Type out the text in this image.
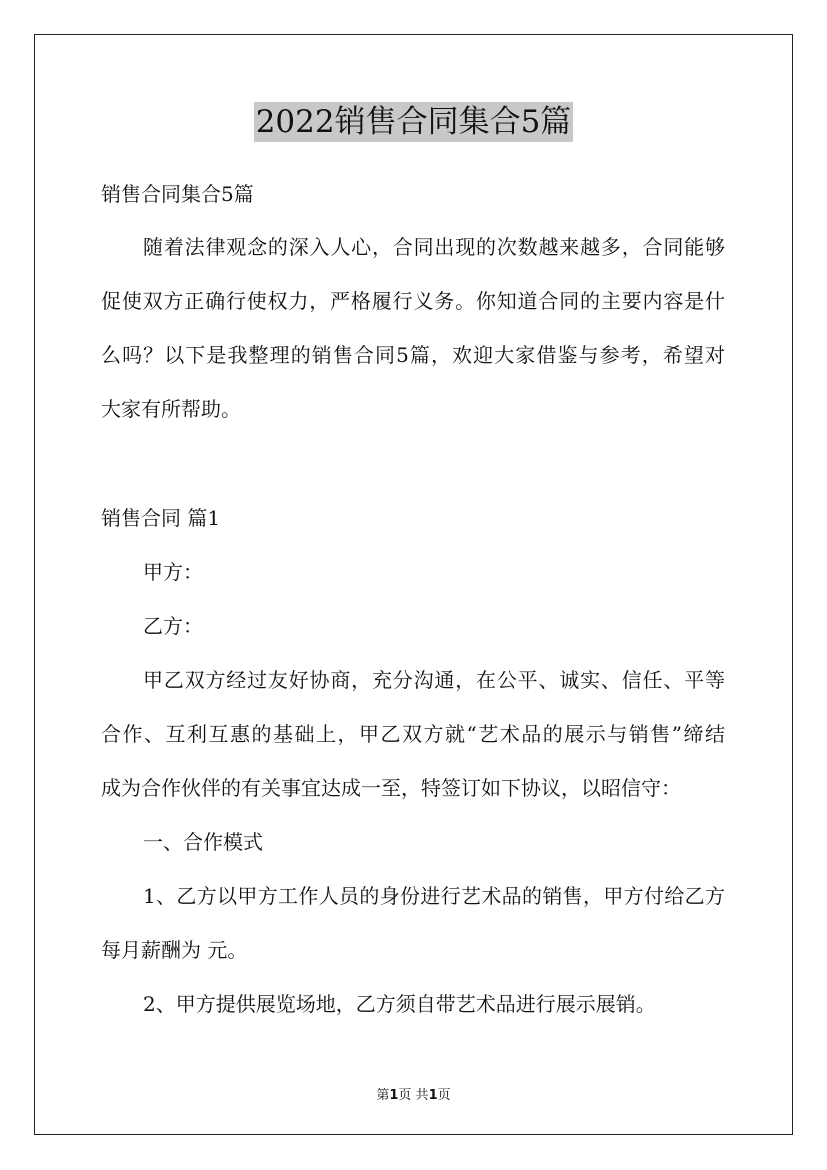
2022销售合同集合5篇
销售合同集合5篇
随着法律观念的深入人心，合同出现的次数越来越多，合同能够
促使双方正确行使权力，严格履行义务。你知道合同的主要内容是什
么吗？以下是我整理的销售合同5篇，欢迎大家借鉴与参考，希望对
大家有所帮助。
销售合同 篇1
甲方：
乙方：
甲乙双方经过友好协商，充分沟通，在公平、诚实、信任、平等
合作、互利互惠的基础上，甲乙双方就“艺术品的展示与销售”缔结
成为合作伙伴的有关事宜达成一至，特签订如下协议，以昭信守：
一、合作模式
1、乙方以甲方工作人员的身份进行艺术品的销售，甲方付给乙方
每月薪酬为 元。
2、甲方提供展览场地，乙方须自带艺术品进行展示展销。
第1页 共1页
